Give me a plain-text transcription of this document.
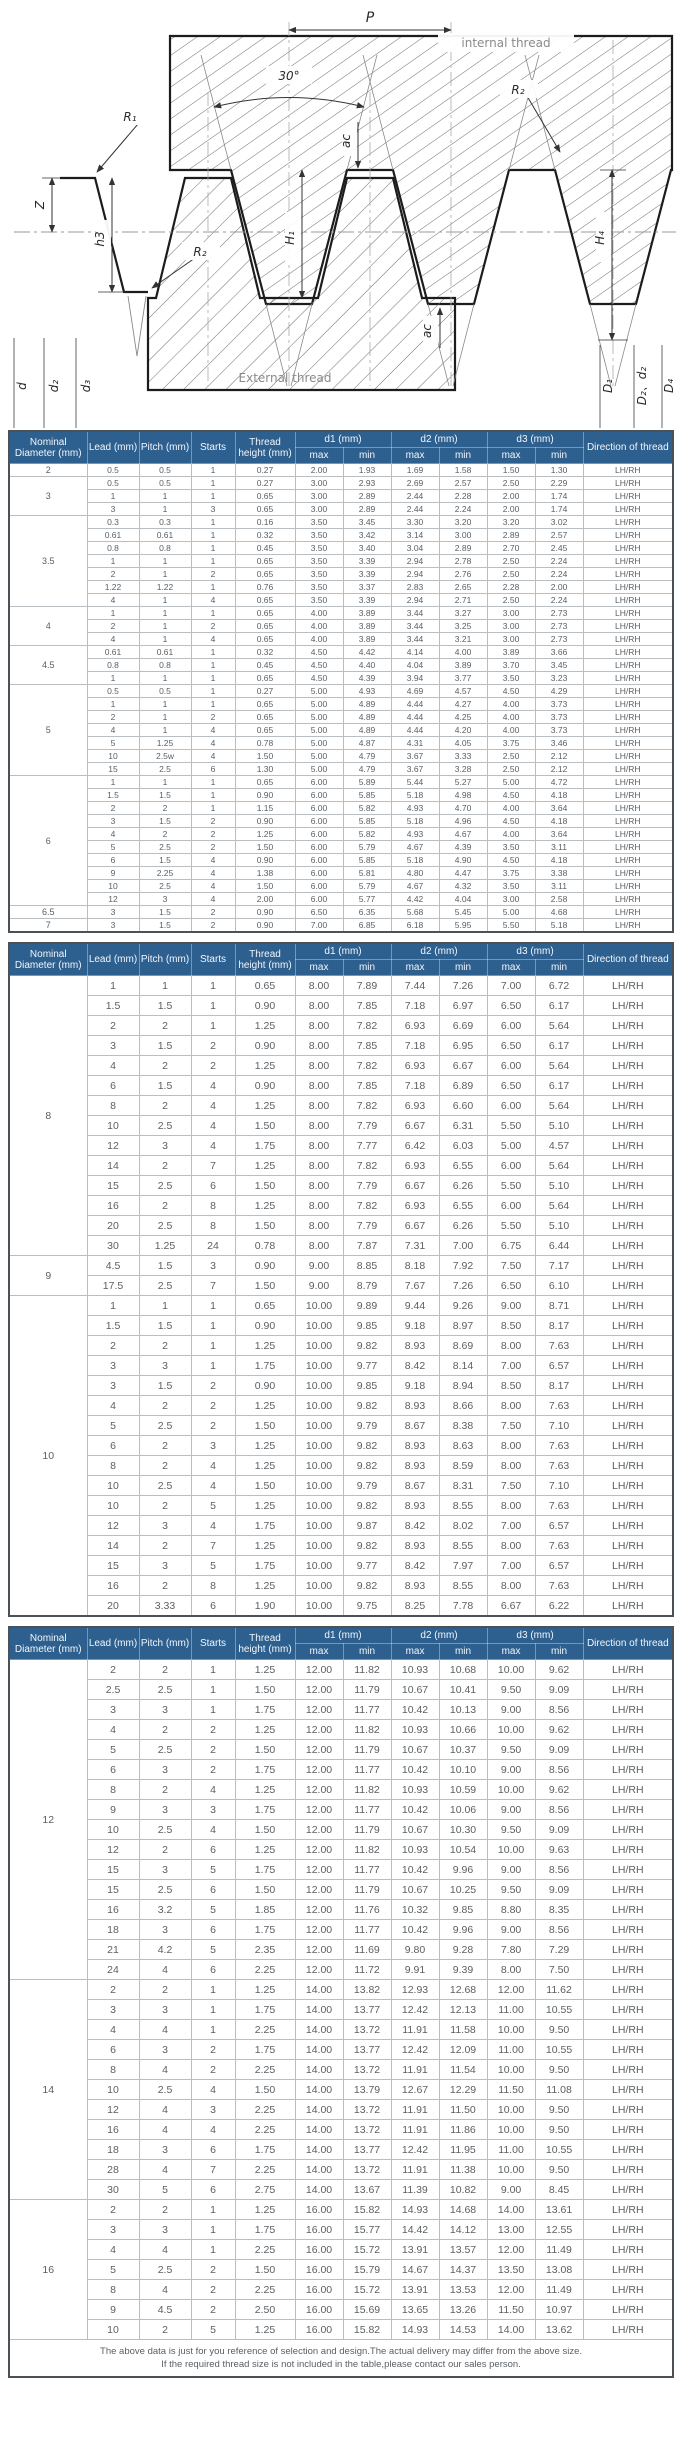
P
30°
internal thread
External thread
R₁
R₂
R₂
H₁	H₄
ac
ac
Z
h3
d d₂ d₃	D₁ D₂、d₂ D₄
Nominal Diameter (mm)	Lead (mm)	Pitch (mm)	Starts	Thread height (mm)	d1 (mm)		d2 (mm)		d3 (mm)		Direction of thread
					max	min	max	min	max	min	
2	0.5	0.5	1	0.27	2.00	1.93	1.69	1.58	1.50	1.30	LH/RH
3	0.5	0.5	1	0.27	3.00	2.93	2.69	2.57	2.50	2.29	LH/RH
	1	1	1	0.65	3.00	2.89	2.44	2.28	2.00	1.74	LH/RH
	3	1	3	0.65	3.00	2.89	2.44	2.24	2.00	1.74	LH/RH
3.5	0.3	0.3	1	0.16	3.50	3.45	3.30	3.20	3.20	3.02	LH/RH
	0.61	0.61	1	0.32	3.50	3.42	3.14	3.00	2.89	2.57	LH/RH
	0.8	0.8	1	0.45	3.50	3.40	3.04	2.89	2.70	2.45	LH/RH
	1	1	1	0.65	3.50	3.39	2.94	2.78	2.50	2.24	LH/RH
	2	1	2	0.65	3.50	3.39	2.94	2.76	2.50	2.24	LH/RH
	1.22	1.22	1	0.76	3.50	3.37	2.83	2.65	2.28	2.00	LH/RH
	4	1	4	0.65	3.50	3.39	2.94	2.71	2.50	2.24	LH/RH
4	1	1	1	0.65	4.00	3.89	3.44	3.27	3.00	2.73	LH/RH
	2	1	2	0.65	4.00	3.89	3.44	3.25	3.00	2.73	LH/RH
	4	1	4	0.65	4.00	3.89	3.44	3.21	3.00	2.73	LH/RH
4.5	0.61	0.61	1	0.32	4.50	4.42	4.14	4.00	3.89	3.66	LH/RH
	0.8	0.8	1	0.45	4.50	4.40	4.04	3.89	3.70	3.45	LH/RH
	1	1	1	0.65	4.50	4.39	3.94	3.77	3.50	3.23	LH/RH
5	0.5	0.5	1	0.27	5.00	4.93	4.69	4.57	4.50	4.29	LH/RH
	1	1	1	0.65	5.00	4.89	4.44	4.27	4.00	3.73	LH/RH
	2	1	2	0.65	5.00	4.89	4.44	4.25	4.00	3.73	LH/RH
	4	1	4	0.65	5.00	4.89	4.44	4.20	4.00	3.73	LH/RH
	5	1.25	4	0.78	5.00	4.87	4.31	4.05	3.75	3.46	LH/RH
	10	2.5w	4	1.50	5.00	4.79	3.67	3.33	2.50	2.12	LH/RH
	15	2.5	6	1.30	5.00	4.79	3.67	3.28	2.50	2.12	LH/RH
6	1	1	1	0.65	6.00	5.89	5.44	5.27	5.00	4.72	LH/RH
	1.5	1.5	1	0.90	6.00	5.85	5.18	4.98	4.50	4.18	LH/RH
	2	2	1	1.15	6.00	5.82	4.93	4.70	4.00	3.64	LH/RH
	3	1.5	2	0.90	6.00	5.85	5.18	4.96	4.50	4.18	LH/RH
	4	2	2	1.25	6.00	5.82	4.93	4.67	4.00	3.64	LH/RH
	5	2.5	2	1.50	6.00	5.79	4.67	4.39	3.50	3.11	LH/RH
	6	1.5	4	0.90	6.00	5.85	5.18	4.90	4.50	4.18	LH/RH
	9	2.25	4	1.38	6.00	5.81	4.80	4.47	3.75	3.38	LH/RH
	10	2.5	4	1.50	6.00	5.79	4.67	4.32	3.50	3.11	LH/RH
	12	3	4	2.00	6.00	5.77	4.42	4.04	3.00	2.58	LH/RH
6.5	3	1.5	2	0.90	6.50	6.35	5.68	5.45	5.00	4.68	LH/RH
7	3	1.5	2	0.90	7.00	6.85	6.18	5.95	5.50	5.18	LH/RH
Nominal Diameter (mm)	Lead (mm)	Pitch (mm)	Starts	Thread height (mm)	d1 (mm)		d2 (mm)		d3 (mm)		Direction of thread
					max	min	max	min	max	min	
8	1	1	1	0.65	8.00	7.89	7.44	7.26	7.00	6.72	LH/RH
	1.5	1.5	1	0.90	8.00	7.85	7.18	6.97	6.50	6.17	LH/RH
	2	2	1	1.25	8.00	7.82	6.93	6.69	6.00	5.64	LH/RH
	3	1.5	2	0.90	8.00	7.85	7.18	6.95	6.50	6.17	LH/RH
	4	2	2	1.25	8.00	7.82	6.93	6.67	6.00	5.64	LH/RH
	6	1.5	4	0.90	8.00	7.85	7.18	6.89	6.50	6.17	LH/RH
	8	2	4	1.25	8.00	7.82	6.93	6.60	6.00	5.64	LH/RH
	10	2.5	4	1.50	8.00	7.79	6.67	6.31	5.50	5.10	LH/RH
	12	3	4	1.75	8.00	7.77	6.42	6.03	5.00	4.57	LH/RH
	14	2	7	1.25	8.00	7.82	6.93	6.55	6.00	5.64	LH/RH
	15	2.5	6	1.50	8.00	7.79	6.67	6.26	5.50	5.10	LH/RH
	16	2	8	1.25	8.00	7.82	6.93	6.55	6.00	5.64	LH/RH
	20	2.5	8	1.50	8.00	7.79	6.67	6.26	5.50	5.10	LH/RH
	30	1.25	24	0.78	8.00	7.87	7.31	7.00	6.75	6.44	LH/RH
9	4.5	1.5	3	0.90	9.00	8.85	8.18	7.92	7.50	7.17	LH/RH
	17.5	2.5	7	1.50	9.00	8.79	7.67	7.26	6.50	6.10	LH/RH
10	1	1	1	0.65	10.00	9.89	9.44	9.26	9.00	8.71	LH/RH
	1.5	1.5	1	0.90	10.00	9.85	9.18	8.97	8.50	8.17	LH/RH
	2	2	1	1.25	10.00	9.82	8.93	8.69	8.00	7.63	LH/RH
	3	3	1	1.75	10.00	9.77	8.42	8.14	7.00	6.57	LH/RH
	3	1.5	2	0.90	10.00	9.85	9.18	8.94	8.50	8.17	LH/RH
	4	2	2	1.25	10.00	9.82	8.93	8.66	8.00	7.63	LH/RH
	5	2.5	2	1.50	10.00	9.79	8.67	8.38	7.50	7.10	LH/RH
	6	2	3	1.25	10.00	9.82	8.93	8.63	8.00	7.63	LH/RH
	8	2	4	1.25	10.00	9.82	8.93	8.59	8.00	7.63	LH/RH
	10	2.5	4	1.50	10.00	9.79	8.67	8.31	7.50	7.10	LH/RH
	10	2	5	1.25	10.00	9.82	8.93	8.55	8.00	7.63	LH/RH
	12	3	4	1.75	10.00	9.87	8.42	8.02	7.00	6.57	LH/RH
	14	2	7	1.25	10.00	9.82	8.93	8.55	8.00	7.63	LH/RH
	15	3	5	1.75	10.00	9.77	8.42	7.97	7.00	6.57	LH/RH
	16	2	8	1.25	10.00	9.82	8.93	8.55	8.00	7.63	LH/RH
	20	3.33	6	1.90	10.00	9.75	8.25	7.78	6.67	6.22	LH/RH
Nominal Diameter (mm)	Lead (mm)	Pitch (mm)	Starts	Thread height (mm)	d1 (mm)		d2 (mm)		d3 (mm)		Direction of thread
					max	min	max	min	max	min	
12	2	2	1	1.25	12.00	11.82	10.93	10.68	10.00	9.62	LH/RH
	2.5	2.5	1	1.50	12.00	11.79	10.67	10.41	9.50	9.09	LH/RH
	3	3	1	1.75	12.00	11.77	10.42	10.13	9.00	8.56	LH/RH
	4	2	2	1.25	12.00	11.82	10.93	10.66	10.00	9.62	LH/RH
	5	2.5	2	1.50	12.00	11.79	10.67	10.37	9.50	9.09	LH/RH
	6	3	2	1.75	12.00	11.77	10.42	10.10	9.00	8.56	LH/RH
	8	2	4	1.25	12.00	11.82	10.93	10.59	10.00	9.62	LH/RH
	9	3	3	1.75	12.00	11.77	10.42	10.06	9.00	8.56	LH/RH
	10	2.5	4	1.50	12.00	11.79	10.67	10.30	9.50	9.09	LH/RH
	12	2	6	1.25	12.00	11.82	10.93	10.54	10.00	9.63	LH/RH
	15	3	5	1.75	12.00	11.77	10.42	9.96	9.00	8.56	LH/RH
	15	2.5	6	1.50	12.00	11.79	10.67	10.25	9.50	9.09	LH/RH
	16	3.2	5	1.85	12.00	11.76	10.32	9.85	8.80	8.35	LH/RH
	18	3	6	1.75	12.00	11.77	10.42	9.96	9.00	8.56	LH/RH
	21	4.2	5	2.35	12.00	11.69	9.80	9.28	7.80	7.29	LH/RH
	24	4	6	2.25	12.00	11.72	9.91	9.39	8.00	7.50	LH/RH
14	2	2	1	1.25	14.00	13.82	12.93	12.68	12.00	11.62	LH/RH
	3	3	1	1.75	14.00	13.77	12.42	12.13	11.00	10.55	LH/RH
	4	4	1	2.25	14.00	13.72	11.91	11.58	10.00	9.50	LH/RH
	6	3	2	1.75	14.00	13.77	12.42	12.09	11.00	10.55	LH/RH
	8	4	2	2.25	14.00	13.72	11.91	11.54	10.00	9.50	LH/RH
	10	2.5	4	1.50	14.00	13.79	12.67	12.29	11.50	11.08	LH/RH
	12	4	3	2.25	14.00	13.72	11.91	11.50	10.00	9.50	LH/RH
	16	4	4	2.25	14.00	13.72	11.91	11.86	10.00	9.50	LH/RH
	18	3	6	1.75	14.00	13.77	12.42	11.95	11.00	10.55	LH/RH
	28	4	7	2.25	14.00	13.72	11.91	11.38	10.00	9.50	LH/RH
	30	5	6	2.75	14.00	13.67	11.39	10.82	9.00	8.45	LH/RH
16	2	2	1	1.25	16.00	15.82	14.93	14.68	14.00	13.61	LH/RH
	3	3	1	1.75	16.00	15.77	14.42	14.12	13.00	12.55	LH/RH
	4	4	1	2.25	16.00	15.72	13.91	13.57	12.00	11.49	LH/RH
	5	2.5	2	1.50	16.00	15.79	14.67	14.37	13.50	13.08	LH/RH
	8	4	2	2.25	16.00	15.72	13.91	13.53	12.00	11.49	LH/RH
	9	4.5	2	2.50	16.00	15.69	13.65	13.26	11.50	10.97	LH/RH
	10	2	5	1.25	16.00	15.82	14.93	14.53	14.00	13.62	LH/RH

The above data is just for you reference of selection and design.The actual delivery may differ from the above size.
If the required thread size is not included in the table,please contact our sales person.											
